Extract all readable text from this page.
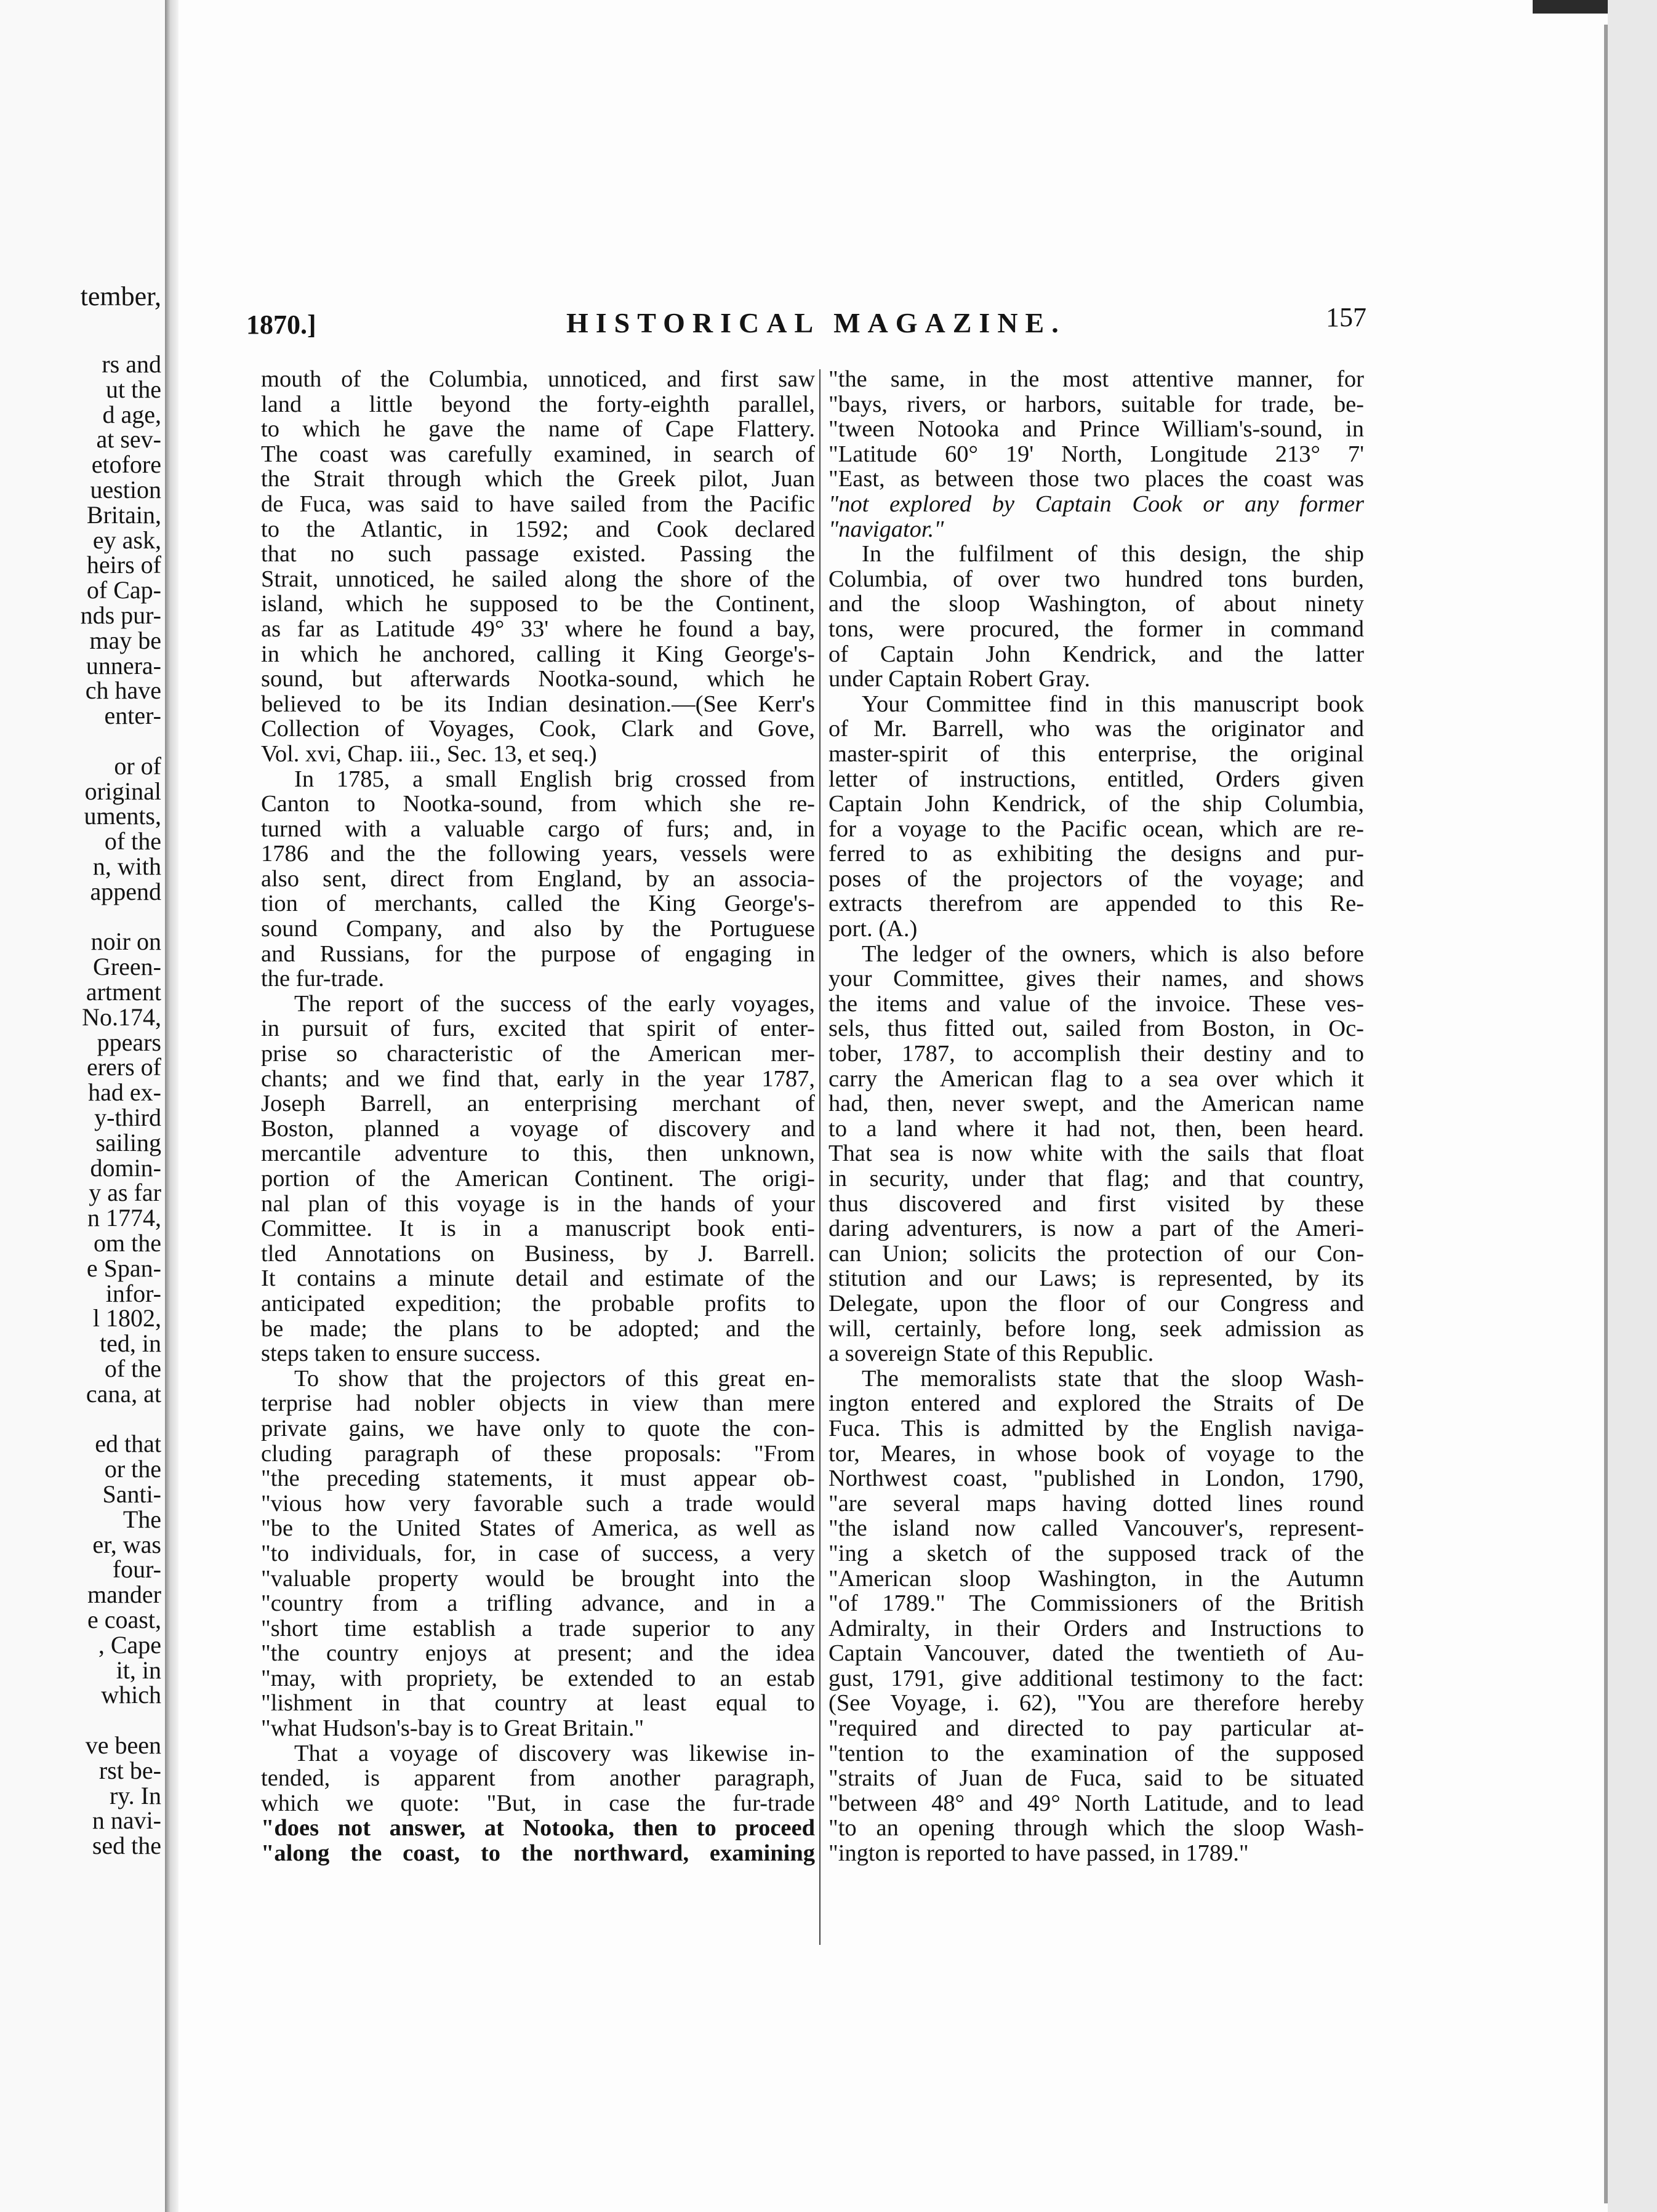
tember,
rs and
ut the
d age,
at sev-
etofore
uestion
Britain,
ey ask,
heirs of
of Cap-
nds pur-
may be
unnera-
ch have
enter-
or of
original
uments,
of the
n, with
append
noir on
Green-
artment
No.174,
ppears
erers of
had ex-
y-third
sailing
domin-
y as far
n 1774,
om the
e Span-
infor-
l 1802,
ted, in
of the
cana, at
ed that
or the
Santi-
The
er, was
four-
mander
e coast,
, Cape
it, in
which
ve been
rst be-
ry. In
n navi-
sed the
1870.]	HISTORICAL MAGAZINE.	157
mouth of the Columbia, unnoticed, and first saw
land a little beyond the forty-eighth parallel,
to which he gave the name of Cape Flattery.
The coast was carefully examined, in search of
the Strait through which the Greek pilot, Juan
de Fuca, was said to have sailed from the Pacific
to the Atlantic, in 1592; and Cook declared
that no such passage existed. Passing the
Strait, unnoticed, he sailed along the shore of the
island, which he supposed to be the Continent,
as far as Latitude 49° 33' where he found a bay,
in which he anchored, calling it King George's-
sound, but afterwards Nootka-sound, which he
believed to be its Indian desination.—(See Kerr's
Collection of Voyages, Cook, Clark and Gove,
Vol. xvi, Chap. iii., Sec. 13, et seq.)
In 1785, a small English brig crossed from
Canton to Nootka-sound, from which she re-
turned with a valuable cargo of furs; and, in
1786 and the the following years, vessels were
also sent, direct from England, by an associa-
tion of merchants, called the King George's-
sound Company, and also by the Portuguese
and Russians, for the purpose of engaging in
the fur-trade.
The report of the success of the early voyages,
in pursuit of furs, excited that spirit of enter-
prise so characteristic of the American mer-
chants; and we find that, early in the year 1787,
Joseph Barrell, an enterprising merchant of
Boston, planned a voyage of discovery and
mercantile adventure to this, then unknown,
portion of the American Continent. The origi-
nal plan of this voyage is in the hands of your
Committee. It is in a manuscript book enti-
tled Annotations on Business, by J. Barrell.
It contains a minute detail and estimate of the
anticipated expedition; the probable profits to
be made; the plans to be adopted; and the
steps taken to ensure success.
To show that the projectors of this great en-
terprise had nobler objects in view than mere
private gains, we have only to quote the con-
cluding paragraph of these proposals: "From
"the preceding statements, it must appear ob-
"vious how very favorable such a trade would
"be to the United States of America, as well as
"to individuals, for, in case of success, a very
"valuable property would be brought into the
"country from a trifling advance, and in a
"short time establish a trade superior to any
"the country enjoys at present; and the idea
"may, with propriety, be extended to an estab
"lishment in that country at least equal to
"what Hudson's-bay is to Great Britain."
That a voyage of discovery was likewise in-
tended, is apparent from another paragraph,
which we quote: "But, in case the fur-trade
"does not answer, at Notooka, then to proceed
"along the coast, to the northward, examining
"the same, in the most attentive manner, for
"bays, rivers, or harbors, suitable for trade, be-
"tween Notooka and Prince William's-sound, in
"Latitude 60° 19' North, Longitude 213° 7'
"East, as between those two places the coast was
"not explored by Captain Cook or any former
"navigator."
In the fulfilment of this design, the ship
Columbia, of over two hundred tons burden,
and the sloop Washington, of about ninety
tons, were procured, the former in command
of Captain John Kendrick, and the latter
under Captain Robert Gray.
Your Committee find in this manuscript book
of Mr. Barrell, who was the originator and
master-spirit of this enterprise, the original
letter of instructions, entitled, Orders given
Captain John Kendrick, of the ship Columbia,
for a voyage to the Pacific ocean, which are re-
ferred to as exhibiting the designs and pur-
poses of the projectors of the voyage; and
extracts therefrom are appended to this Re-
port. (A.)
The ledger of the owners, which is also before
your Committee, gives their names, and shows
the items and value of the invoice. These ves-
sels, thus fitted out, sailed from Boston, in Oc-
tober, 1787, to accomplish their destiny and to
carry the American flag to a sea over which it
had, then, never swept, and the American name
to a land where it had not, then, been heard.
That sea is now white with the sails that float
in security, under that flag; and that country,
thus discovered and first visited by these
daring adventurers, is now a part of the Ameri-
can Union; solicits the protection of our Con-
stitution and our Laws; is represented, by its
Delegate, upon the floor of our Congress and
will, certainly, before long, seek admission as
a sovereign State of this Republic.
The memoralists state that the sloop Wash-
ington entered and explored the Straits of De
Fuca. This is admitted by the English naviga-
tor, Meares, in whose book of voyage to the
Northwest coast, "published in London, 1790,
"are several maps having dotted lines round
"the island now called Vancouver's, represent-
"ing a sketch of the supposed track of the
"American sloop Washington, in the Autumn
"of 1789." The Commissioners of the British
Admiralty, in their Orders and Instructions to
Captain Vancouver, dated the twentieth of Au-
gust, 1791, give additional testimony to the fact:
(See Voyage, i. 62), "You are therefore hereby
"required and directed to pay particular at-
"tention to the examination of the supposed
"straits of Juan de Fuca, said to be situated
"between 48° and 49° North Latitude, and to lead
"to an opening through which the sloop Wash-
"ington is reported to have passed, in 1789."
